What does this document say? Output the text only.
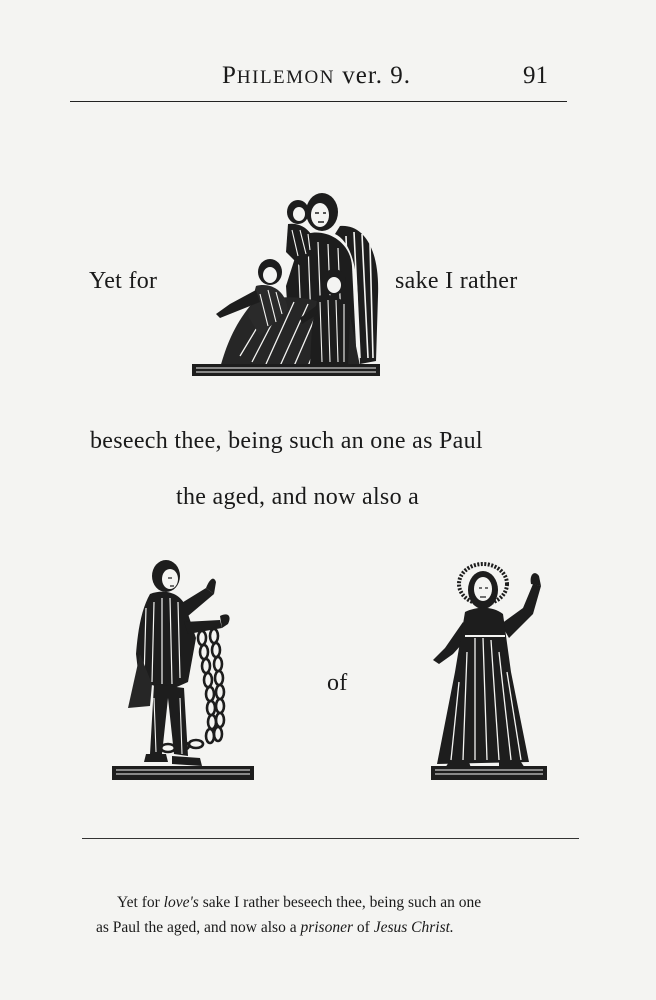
PHILEMON ver. 9.	91
Yet for	sake I rather
beseech thee, being such an one as Paul
the aged, and now also a
of
Yet for love's sake I rather beseech thee, being such an one
as Paul the aged, and now also a prisoner of Jesus Christ.
